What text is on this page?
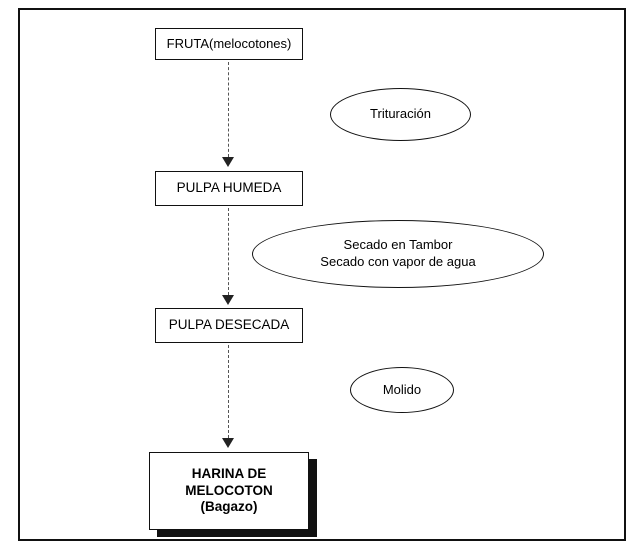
FRUTA(melocotones)
PULPA HUMEDA
PULPA DESECADA
HARINA DE
MELOCOTON
(Bagazo)
Trituración
Secado en Tambor
Secado con vapor de agua
Molido
